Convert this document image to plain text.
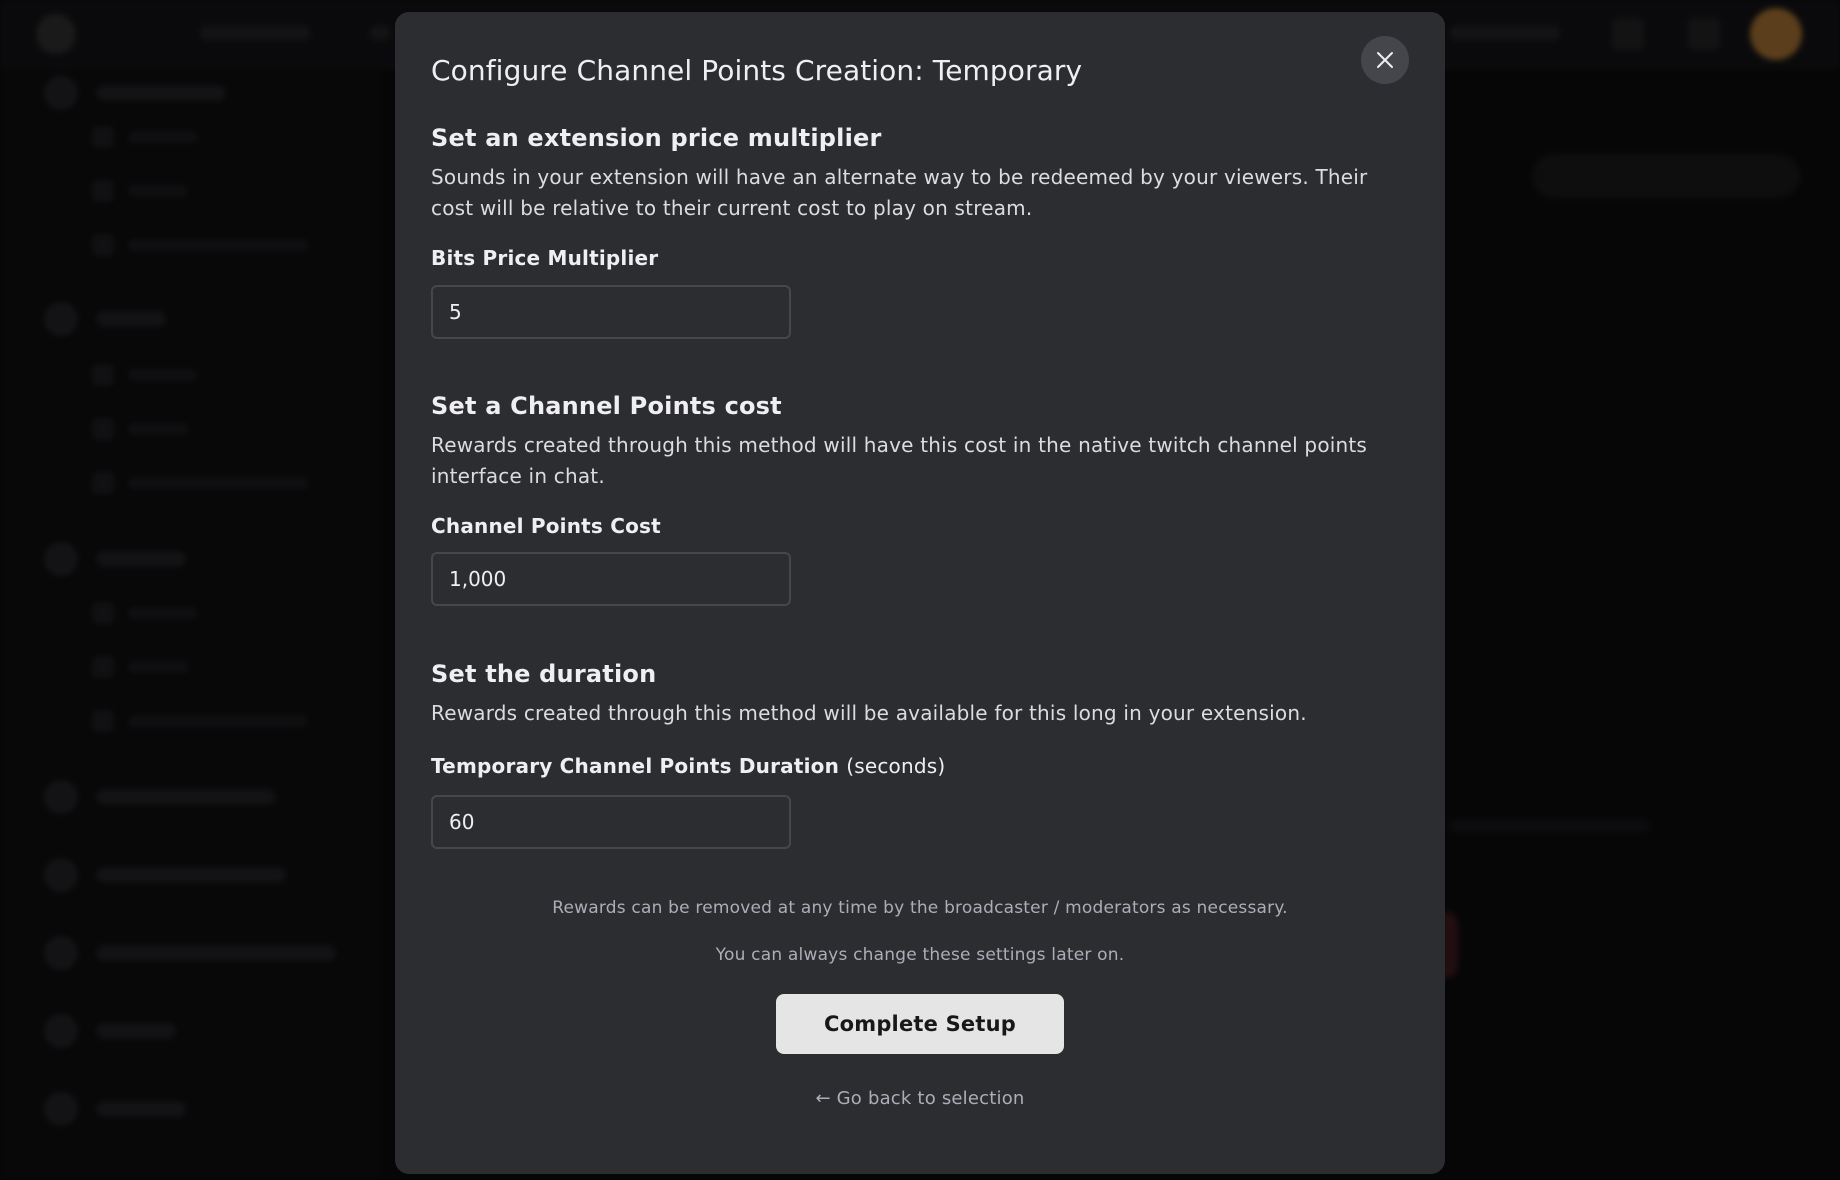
Configure Channel Points Creation: Temporary
Set an extension price multiplier

Sounds in your extension will have an alternate way to be redeemed by your viewers. Their cost will be relative to their current cost to play on stream.

Bits Price Multiplier
5
Set a Channel Points cost

Rewards created through this method will have this cost in the native twitch channel points interface in chat.

Channel Points Cost
1,000
Set the duration

Rewards created through this method will be available for this long in your extension.

Temporary Channel Points Duration (seconds)
60

Rewards can be removed at any time by the broadcaster / moderators as necessary.

You can always change these settings later on.

Complete Setup
← Go back to selection
